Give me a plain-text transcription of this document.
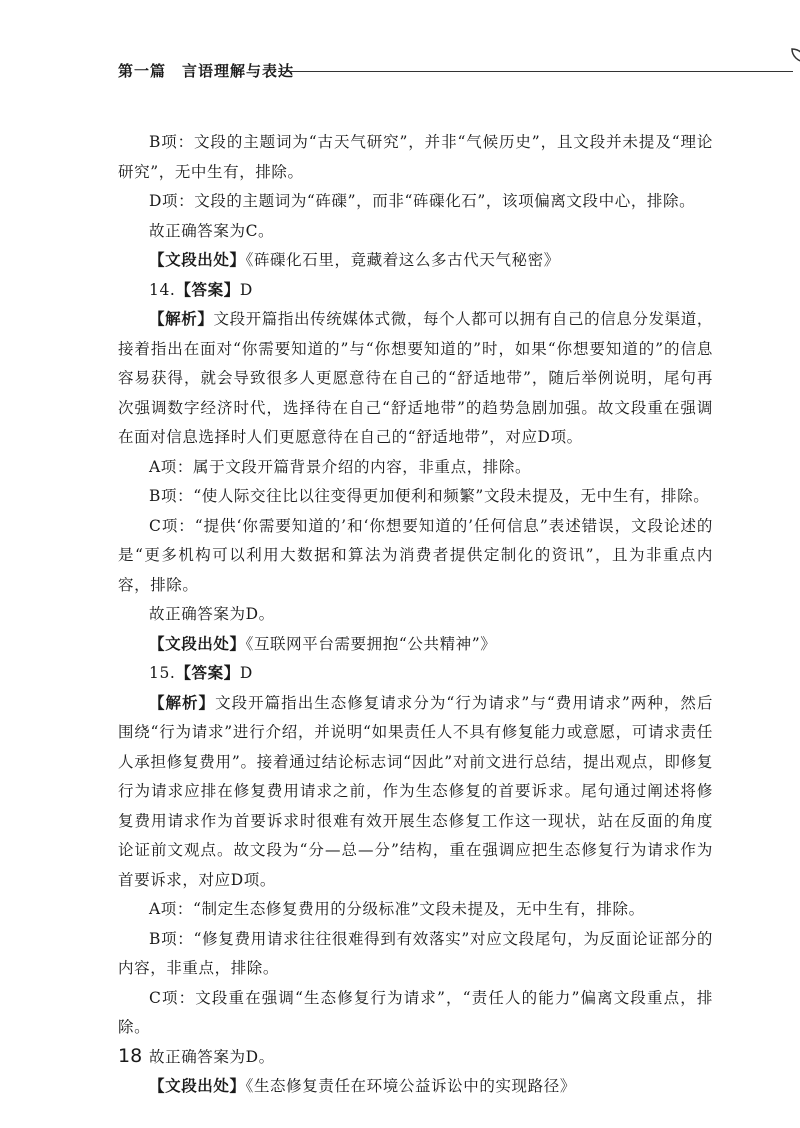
第一篇　言语理解与表达

B项：文段的主题词为“古天气研究”，并非“气候历史”，且文段并未提及“理论研究”，无中生有，排除。

D项：文段的主题词为“砗磲”，而非“砗磲化石”，该项偏离文段中心，排除。

故正确答案为C。

【文段出处】《砗磲化石里，竟藏着这么多古代天气秘密》

14.【答案】D

【解析】文段开篇指出传统媒体式微，每个人都可以拥有自己的信息分发渠道，接着指出在面对“你需要知道的”与“你想要知道的”时，如果“你想要知道的”的信息容易获得，就会导致很多人更愿意待在自己的“舒适地带”，随后举例说明，尾句再次强调数字经济时代，选择待在自己“舒适地带”的趋势急剧加强。故文段重在强调在面对信息选择时人们更愿意待在自己的“舒适地带”，对应D项。

A项：属于文段开篇背景介绍的内容，非重点，排除。

B项：“使人际交往比以往变得更加便利和频繁”文段未提及，无中生有，排除。

C项：“提供‘你需要知道的’和‘你想要知道的’任何信息”表述错误，文段论述的是“更多机构可以利用大数据和算法为消费者提供定制化的资讯”，且为非重点内容，排除。

故正确答案为D。

【文段出处】《互联网平台需要拥抱“公共精神”》

15.【答案】D

【解析】文段开篇指出生态修复请求分为“行为请求”与“费用请求”两种，然后围绕“行为请求”进行介绍，并说明“如果责任人不具有修复能力或意愿，可请求责任人承担修复费用”。接着通过结论标志词“因此”对前文进行总结，提出观点，即修复行为请求应排在修复费用请求之前，作为生态修复的首要诉求。尾句通过阐述将修复费用请求作为首要诉求时很难有效开展生态修复工作这一现状，站在反面的角度论证前文观点。故文段为“分—总—分”结构，重在强调应把生态修复行为请求作为首要诉求，对应D项。

A项：“制定生态修复费用的分级标准”文段未提及，无中生有，排除。

B项：“修复费用请求往往很难得到有效落实”对应文段尾句，为反面论证部分的内容，非重点，排除。

C项：文段重在强调“生态修复行为请求”，“责任人的能力”偏离文段重点，排除。

故正确答案为D。

【文段出处】《生态修复责任在环境公益诉讼中的实现路径》

18
